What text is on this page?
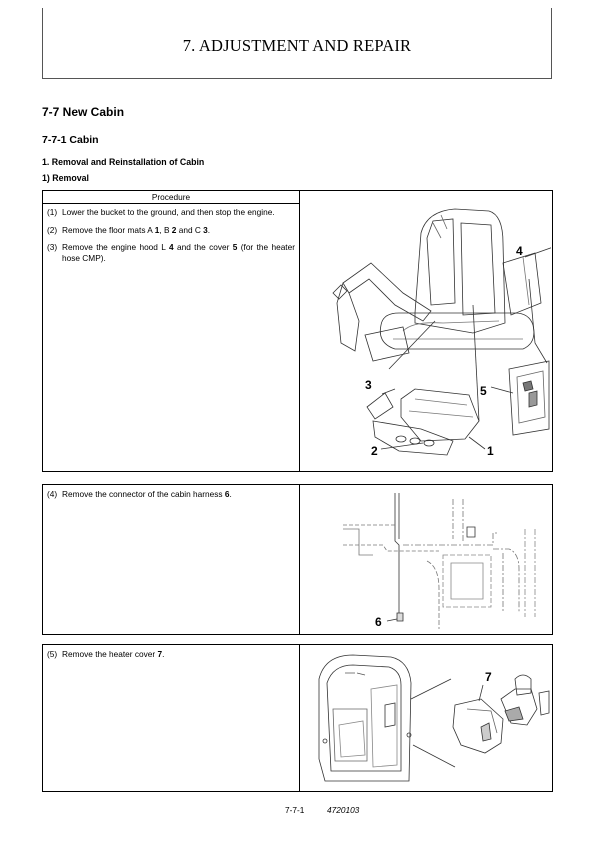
7. ADJUSTMENT AND REPAIR
7-7 New Cabin
7-7-1 Cabin
1. Removal and Reinstallation of Cabin
1) Removal
Procedure
(1) Lower the bucket to the ground, and then stop the engine.
(2) Remove the floor mats A 1, B 2 and C 3.
(3) Remove the engine hood L 4 and the cover 5 (for the heater hose CMP).	4
3	5
2	1
(4) Remove the connector of the cabin harness 6.
6
(5) Remove the heater cover 7.
7
7-7-1	4720103
